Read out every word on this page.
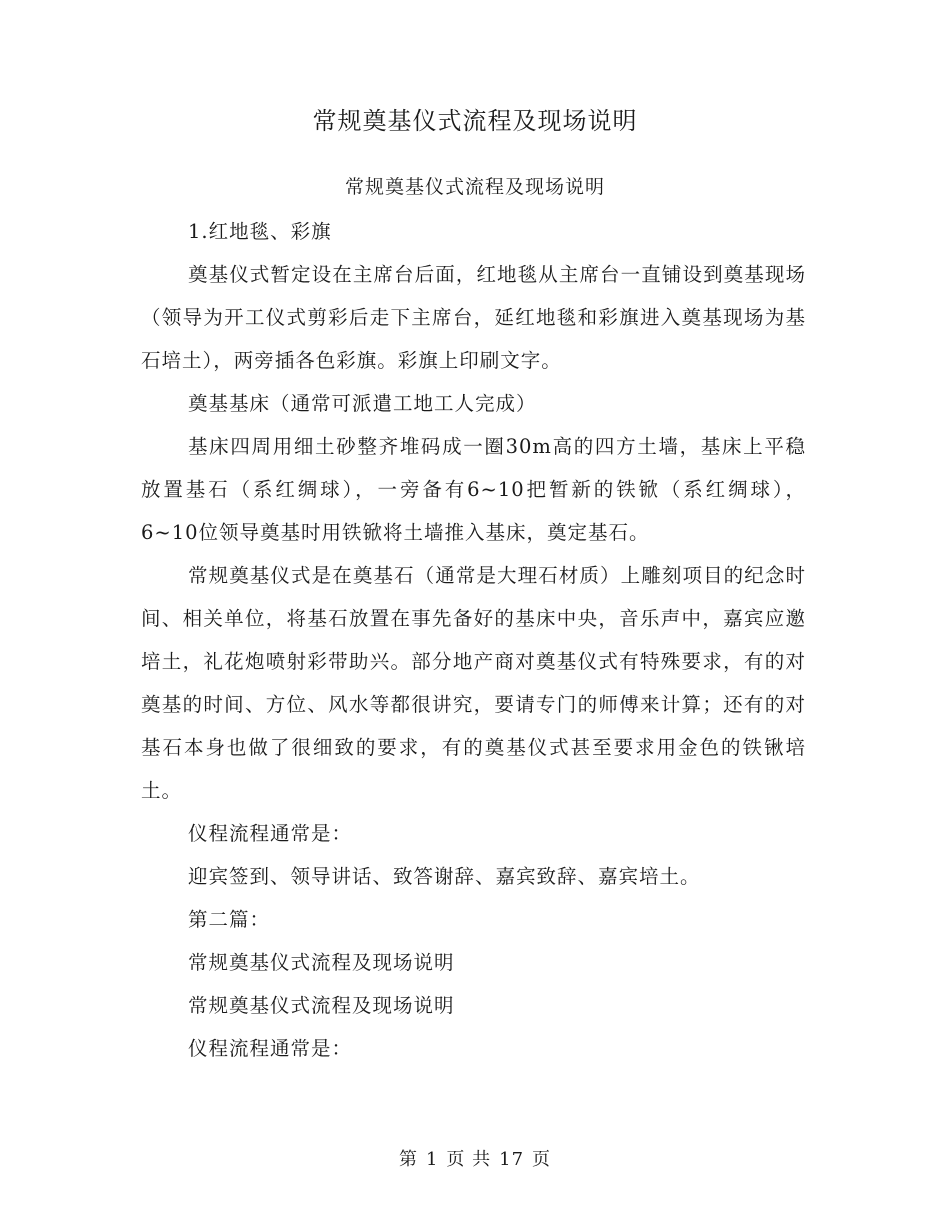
常规奠基仪式流程及现场说明
常规奠基仪式流程及现场说明

1.红地毯、彩旗

奠基仪式暂定设在主席台后面，红地毯从主席台一直铺设到奠基现场（领导为开工仪式剪彩后走下主席台，延红地毯和彩旗进入奠基现场为基石培土），两旁插各色彩旗。彩旗上印刷文字。

奠基基床（通常可派遣工地工人完成）

基床四周用细土砂整齐堆码成一圈30m高的四方土墙，基床上平稳放置基石（系红绸球），一旁备有6~10把暂新的铁锨（系红绸球），6~10位领导奠基时用铁锨将土墙推入基床，奠定基石。

常规奠基仪式是在奠基石（通常是大理石材质）上雕刻项目的纪念时间、相关单位，将基石放置在事先备好的基床中央，音乐声中，嘉宾应邀培土，礼花炮喷射彩带助兴。部分地产商对奠基仪式有特殊要求，有的对奠基的时间、方位、风水等都很讲究，要请专门的师傅来计算；还有的对基石本身也做了很细致的要求，有的奠基仪式甚至要求用金色的铁锹培土。

仪程流程通常是：

迎宾签到、领导讲话、致答谢辞、嘉宾致辞、嘉宾培土。

第二篇：

常规奠基仪式流程及现场说明

常规奠基仪式流程及现场说明

仪程流程通常是：

第 1 页 共 17 页
